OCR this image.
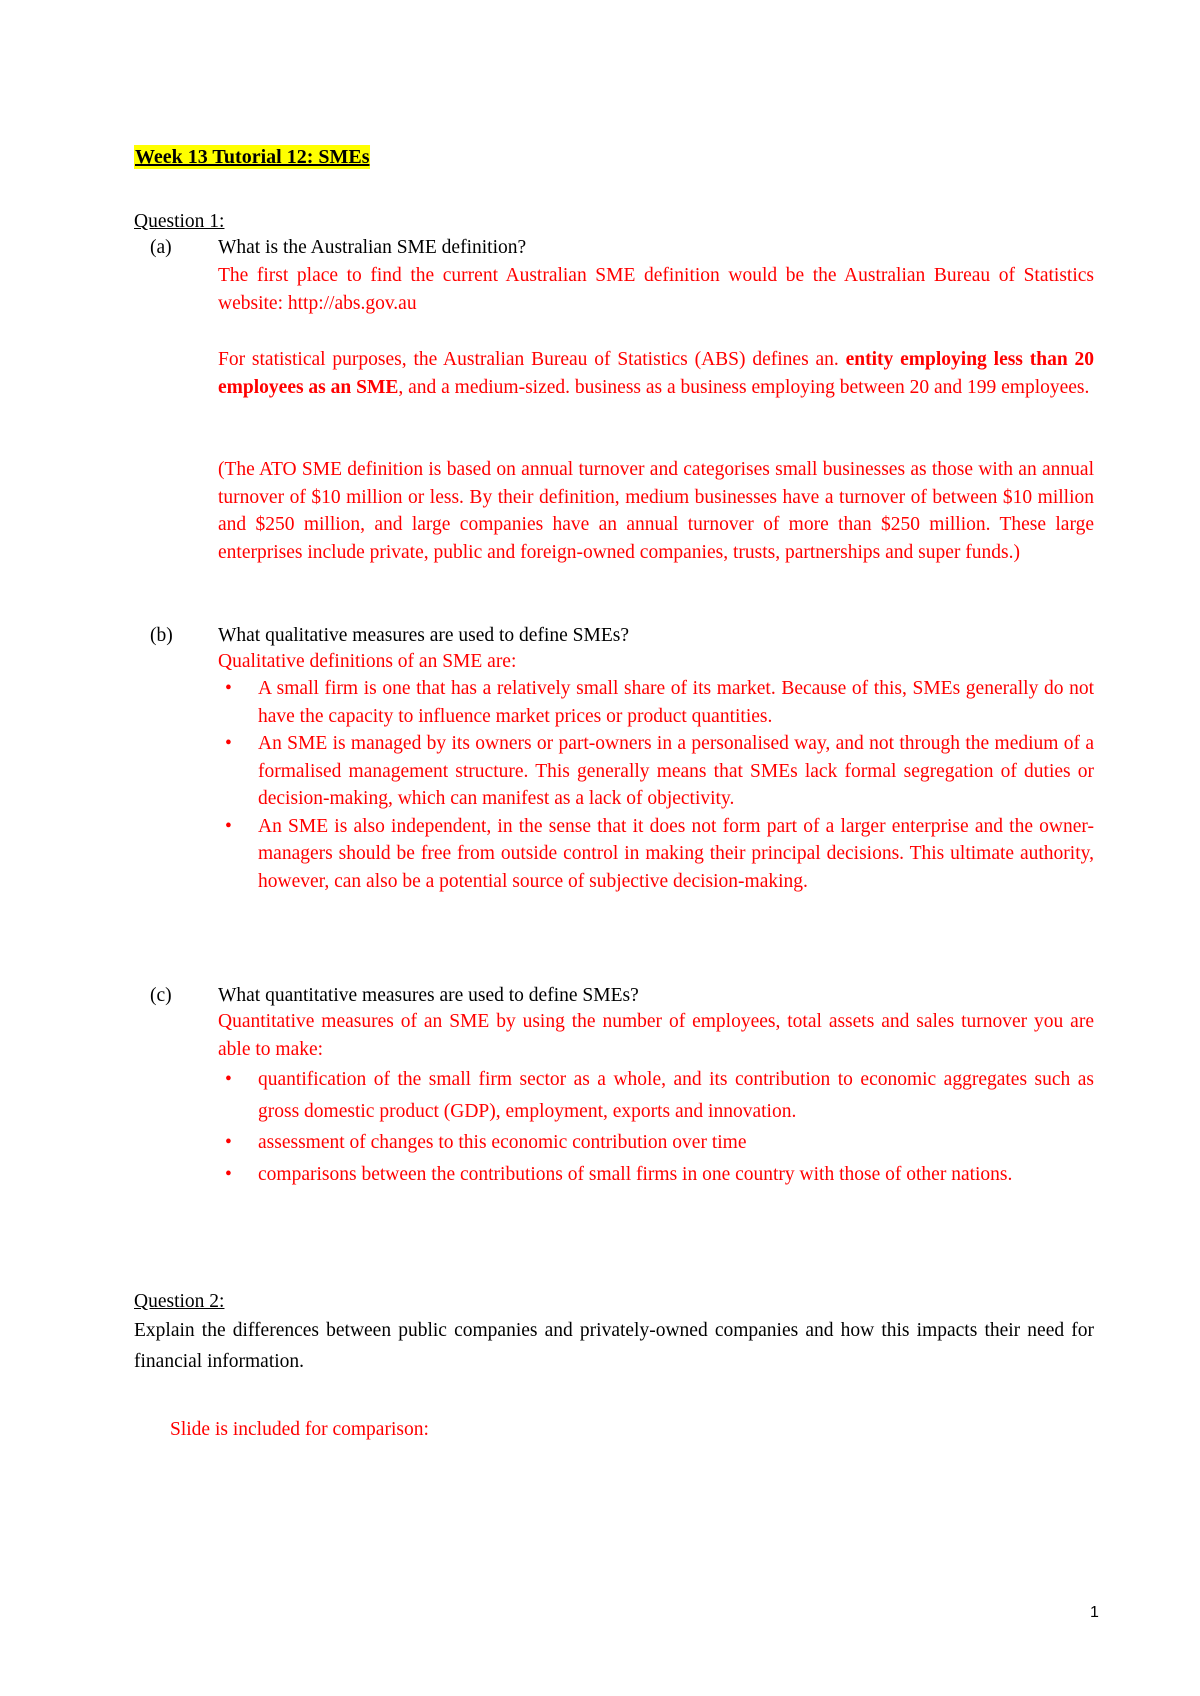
Week 13 Tutorial 12: SMEs
Question 1:
(a) What is the Australian SME definition?
The first place to find the current Australian SME definition would be the Australian Bureau of Statistics website: http://abs.gov.au
For statistical purposes, the Australian Bureau of Statistics (ABS) defines an. entity employing less than 20 employees as an SME, and a medium-sized. business as a business employing between 20 and 199 employees.
(The ATO SME definition is based on annual turnover and categorises small businesses as those with an annual turnover of $10 million or less. By their definition, medium businesses have a turnover of between $10 million and $250 million, and large companies have an annual turnover of more than $250 million. These large enterprises include private, public and foreign-owned companies, trusts, partnerships and super funds.)
(b) What qualitative measures are used to define SMEs?
Qualitative definitions of an SME are:
• A small firm is one that has a relatively small share of its market. Because of this, SMEs generally do not have the capacity to influence market prices or product quantities.
• An SME is managed by its owners or part-owners in a personalised way, and not through the medium of a formalised management structure. This generally means that SMEs lack formal segregation of duties or decision-making, which can manifest as a lack of objectivity.
• An SME is also independent, in the sense that it does not form part of a larger enterprise and the owner-managers should be free from outside control in making their principal decisions. This ultimate authority, however, can also be a potential source of subjective decision-making.
(c) What quantitative measures are used to define SMEs?
Quantitative measures of an SME by using the number of employees, total assets and sales turnover you are able to make:
• quantification of the small firm sector as a whole, and its contribution to economic aggregates such as gross domestic product (GDP), employment, exports and innovation.
• assessment of changes to this economic contribution over time
• comparisons between the contributions of small firms in one country with those of other nations.
Question 2:
Explain the differences between public companies and privately-owned companies and how this impacts their need for financial information.
Slide is included for comparison:
1
